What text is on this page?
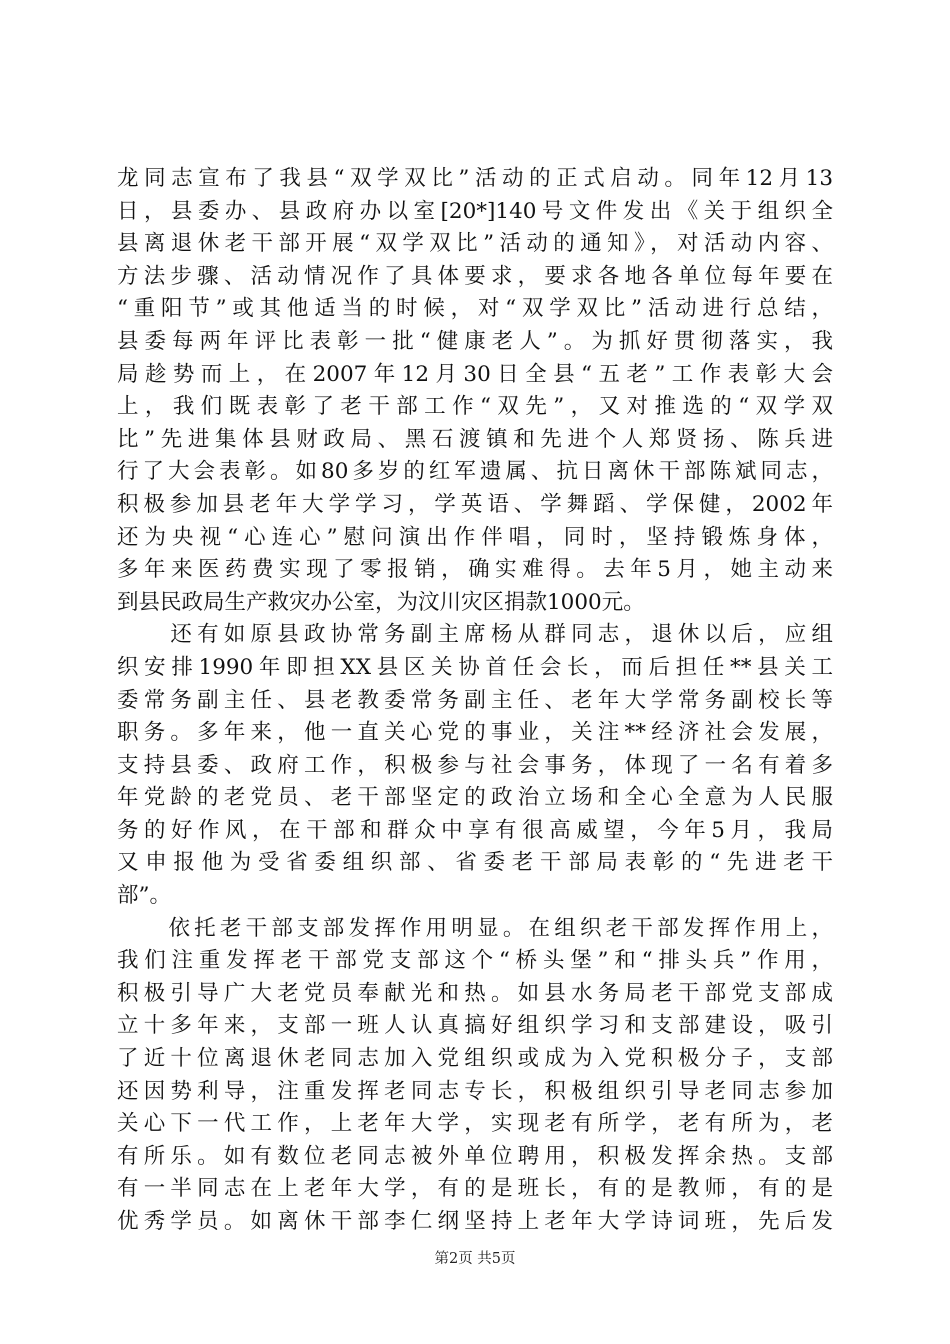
龙同志宣布了我县“双学双比”活动的正式启动。同年12月13
日，县委办、县政府办以室[20*]140号文件发出《关于组织全
县离退休老干部开展“双学双比”活动的通知》，对活动内容、
方法步骤、活动情况作了具体要求，要求各地各单位每年要在
“重阳节”或其他适当的时候，对“双学双比”活动进行总结，
县委每两年评比表彰一批“健康老人”。为抓好贯彻落实，我
局趁势而上，在2007年12月30日全县“五老”工作表彰大会
上，我们既表彰了老干部工作“双先”，又对推选的“双学双
比”先进集体县财政局、黑石渡镇和先进个人郑贤扬、陈兵进
行了大会表彰。如80多岁的红军遗属、抗日离休干部陈斌同志，
积极参加县老年大学学习，学英语、学舞蹈、学保健，2002年
还为央视“心连心”慰问演出作伴唱，同时，坚持锻炼身体，
多年来医药费实现了零报销，确实难得。去年5月，她主动来
到县民政局生产救灾办公室，为汶川灾区捐款1000元。
　　还有如原县政协常务副主席杨从群同志，退休以后，应组
织安排1990年即担XX县区关协首任会长，而后担任**县关工
委常务副主任、县老教委常务副主任、老年大学常务副校长等
职务。多年来，他一直关心党的事业，关注**经济社会发展，
支持县委、政府工作，积极参与社会事务，体现了一名有着多
年党龄的老党员、老干部坚定的政治立场和全心全意为人民服
务的好作风，在干部和群众中享有很高威望，今年5月，我局
又申报他为受省委组织部、省委老干部局表彰的“先进老干
部”。
　　依托老干部支部发挥作用明显。在组织老干部发挥作用上，
我们注重发挥老干部党支部这个“桥头堡”和“排头兵”作用，
积极引导广大老党员奉献光和热。如县水务局老干部党支部成
立十多年来，支部一班人认真搞好组织学习和支部建设，吸引
了近十位离退休老同志加入党组织或成为入党积极分子，支部
还因势利导，注重发挥老同志专长，积极组织引导老同志参加
关心下一代工作，上老年大学，实现老有所学，老有所为，老
有所乐。如有数位老同志被外单位聘用，积极发挥余热。支部
有一半同志在上老年大学，有的是班长，有的是教师，有的是
优秀学员。如离休干部李仁纲坚持上老年大学诗词班，先后发
第2页 共5页
